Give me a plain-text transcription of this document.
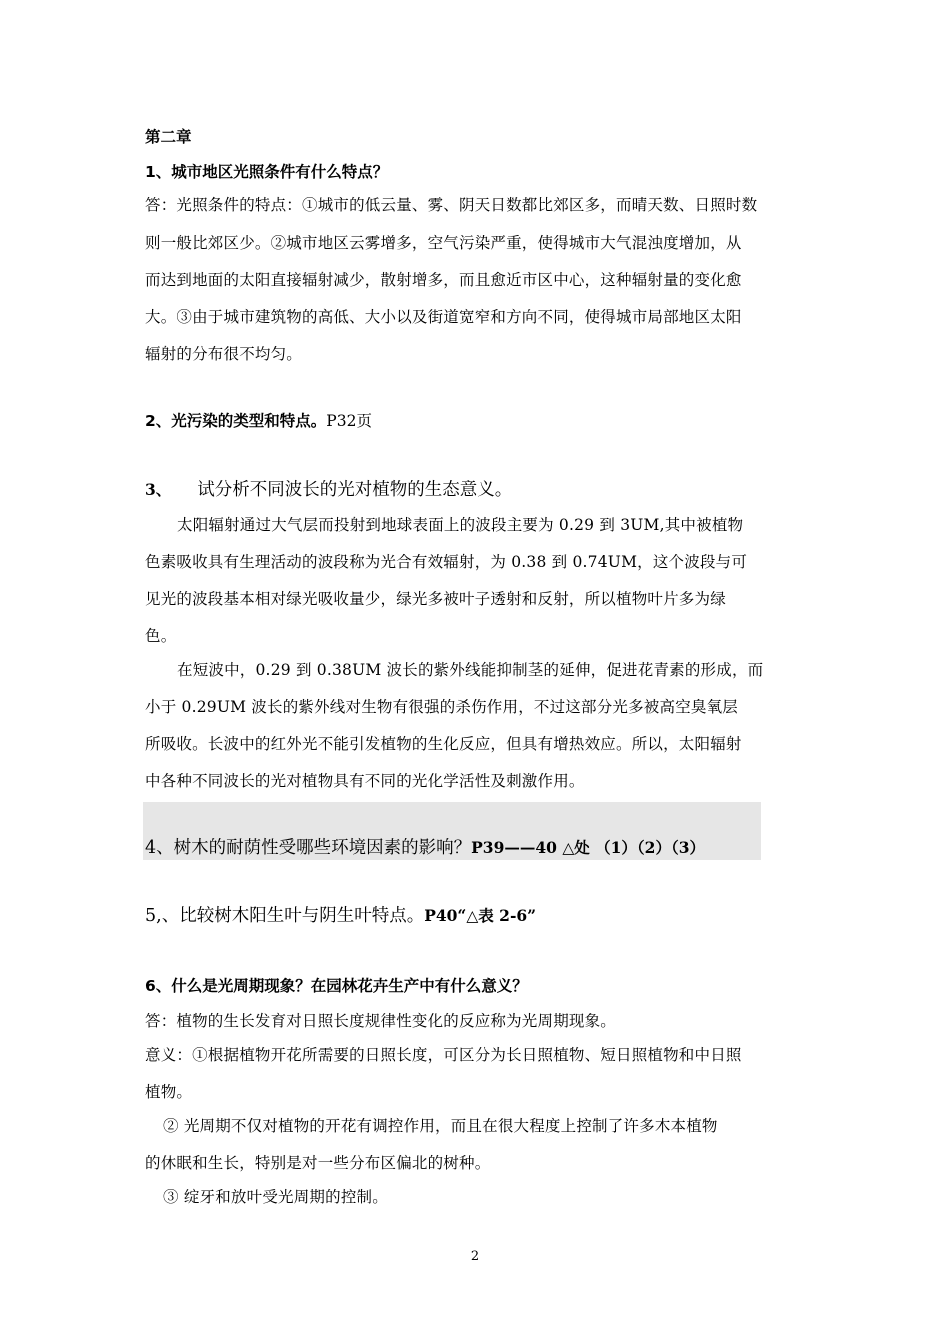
第二章
1、城市地区光照条件有什么特点？
答：光照条件的特点：①城市的低云量、雾、阴天日数都比郊区多，而晴天数、日照时数
则一般比郊区少。②城市地区云雾增多，空气污染严重，使得城市大气混浊度增加，从
而达到地面的太阳直接辐射减少，散射增多，而且愈近市区中心，这种辐射量的变化愈
大。③由于城市建筑物的高低、大小以及街道宽窄和方向不同，使得城市局部地区太阳
辐射的分布很不均匀。
2、光污染的类型和特点。P32页
3、 试分析不同波长的光对植物的生态意义。
太阳辐射通过大气层而投射到地球表面上的波段主要为 0.29 到 3UM,其中被植物
色素吸收具有生理活动的波段称为光合有效辐射，为 0.38 到 0.74UM，这个波段与可
见光的波段基本相对绿光吸收量少，绿光多被叶子透射和反射，所以植物叶片多为绿
色。
在短波中，0.29 到 0.38UM 波长的紫外线能抑制茎的延伸，促进花青素的形成，而
小于 0.29UM 波长的紫外线对生物有很强的杀伤作用，不过这部分光多被高空臭氧层
所吸收。长波中的红外光不能引发植物的生化反应，但具有增热效应。所以，太阳辐射
中各种不同波长的光对植物具有不同的光化学活性及刺激作用。
4、树木的耐荫性受哪些环境因素的影响？P39——40 △处 （1）（2）（3）
5,、比较树木阳生叶与阴生叶特点。P40“△表 2-6”
6、什么是光周期现象？在园林花卉生产中有什么意义？
答：植物的生长发育对日照长度规律性变化的反应称为光周期现象。
意义：①根据植物开花所需要的日照长度，可区分为长日照植物、短日照植物和中日照
植物。
② 光周期不仅对植物的开花有调控作用，而且在很大程度上控制了许多木本植物
的休眠和生长，特别是对一些分布区偏北的树种。
③ 绽牙和放叶受光周期的控制。
2
